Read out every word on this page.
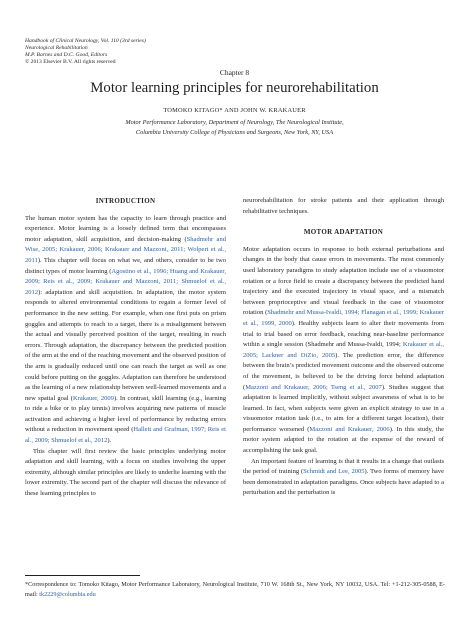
Handbook of Clinical Neurology, Vol. 110 (3rd series)
Neurological Rehabilitation
M.P. Barnes and D.C. Good, Editors
© 2013 Elsevier B.V. All rights reserved
Chapter 8
Motor learning principles for neurorehabilitation
TOMOKO KITAGO* AND JOHN W. KRAKAUER
Motor Performance Laboratory, Department of Neurology, The Neurological Institute,
Columbia University College of Physicians and Surgeons, New York, NY, USA
INTRODUCTION

The human motor system has the capacity to learn through practice and experience. Motor learning is a loosely defined term that encompasses motor adaptation, skill acquisition, and decision-making (Shadmehr and Wise, 2005; Krakauer, 2006; Krakauer and Mazzoni, 2011; Wolpert et al., 2011). This chapter will focus on what we, and others, consider to be two distinct types of motor learning (Agostino et al., 1996; Huang and Krakauer, 2009; Reis et al., 2009; Krakauer and Mazzoni, 2011; Shmuelof et al., 2012): adaptation and skill acquisition. In adaptation, the motor system responds to altered environmental conditions to regain a former level of performance in the new setting. For example, when one first puts on prism goggles and attempts to reach to a target, there is a misalignment between the actual and visually perceived position of the target, resulting in reach errors. Through adaptation, the discrepancy between the predicted position of the arm at the end of the reaching movement and the observed position of the arm is gradually reduced until one can reach the target as well as one could before putting on the goggles. Adaptation can therefore be understood as the learning of a new relationship between well-learned movements and a new spatial goal (Krakauer, 2009). In contrast, skill learning (e.g., learning to ride a bike or to play tennis) involves acquiring new patterns of muscle activation and achieving a higher level of performance by reducing errors without a reduction in movement speed (Hallett and Grafman, 1997; Reis et al., 2009; Shmuelof et al., 2012).

This chapter will first review the basic principles underlying motor adaptation and skill learning, with a focus on studies involving the upper extremity, although similar principles are likely to underlie learning with the lower extremity. The second part of the chapter will discuss the relevance of these learning principles to

neurorehabilitation for stroke patients and their application through rehabilitative techniques.

MOTOR ADAPTATION

Motor adaptation occurs in response to both external perturbations and changes in the body that cause errors in movements. The most commonly used laboratory paradigms to study adaptation include use of a visuomotor rotation or a force field to create a discrepancy between the predicted hand trajectory and the executed trajectory in visual space, and a mismatch between proprioceptive and visual feedback in the case of visuomotor rotation (Shadmehr and Mussa-Ivaldi, 1994; Flanagan et al., 1999; Krakauer et al., 1999, 2000). Healthy subjects learn to alter their movements from trial to trial based on error feedback, reaching near-baseline performance within a single session (Shadmehr and Mussa-Ivaldi, 1994; Krakauer et al., 2005; Lackner and DiZio, 2005). The prediction error, the difference between the brain’s predicted movement outcome and the observed outcome of the movement, is believed to be the driving force behind adaptation (Mazzoni and Krakauer, 2006; Tseng et al., 2007). Studies suggest that adaptation is learned implicitly, without subject awareness of what is to be learned. In fact, when subjects were given an explicit strategy to use in a visuomotor rotation task (i.e., to aim for a different target location), their performance worsened (Mazzoni and Krakauer, 2006). In this study, the motor system adapted to the rotation at the expense of the reward of accomplishing the task goal.

An important feature of learning is that it results in a change that outlasts the period of training (Schmidt and Lee, 2005). Two forms of memory have been demonstrated in adaptation paradigms. Once subjects have adapted to a perturbation and the perturbation is

*Correspondence to: Tomoko Kitago, Motor Performance Laboratory, Neurological Institute, 710 W. 168th St., New York, NY 10032, USA. Tel: +1-212-305-0588, E-mail: tk2229@columbia.edu
